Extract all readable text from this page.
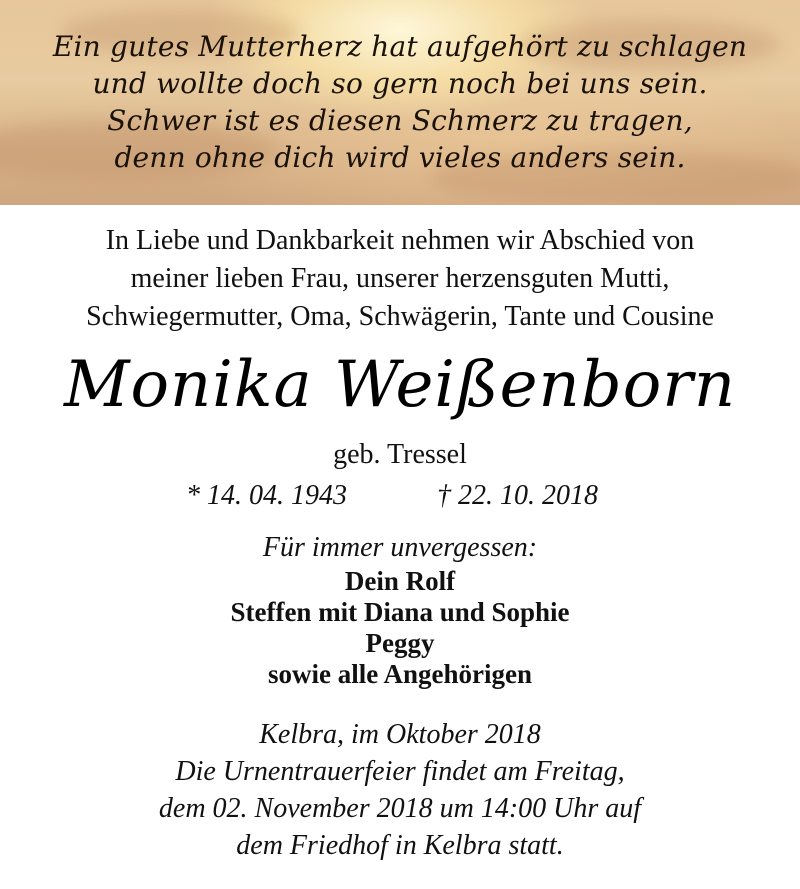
Ein gutes Mutterherz hat aufgehört zu schlagen
und wollte doch so gern noch bei uns sein.
Schwer ist es diesen Schmerz zu tragen,
denn ohne dich wird vieles anders sein.
In Liebe und Dankbarkeit nehmen wir Abschied von
meiner lieben Frau, unserer herzensguten Mutti,
Schwiegermutter, Oma, Schwägerin, Tante und Cousine
Monika Weißenborn
geb. Tressel
* 14. 04. 1943	† 22. 10. 2018
Für immer unvergessen:
Dein Rolf
Steffen mit Diana und Sophie
Peggy
sowie alle Angehörigen
Kelbra, im Oktober 2018
Die Urnentrauerfeier findet am Freitag,
dem 02. November 2018 um 14:00 Uhr auf
dem Friedhof in Kelbra statt.
